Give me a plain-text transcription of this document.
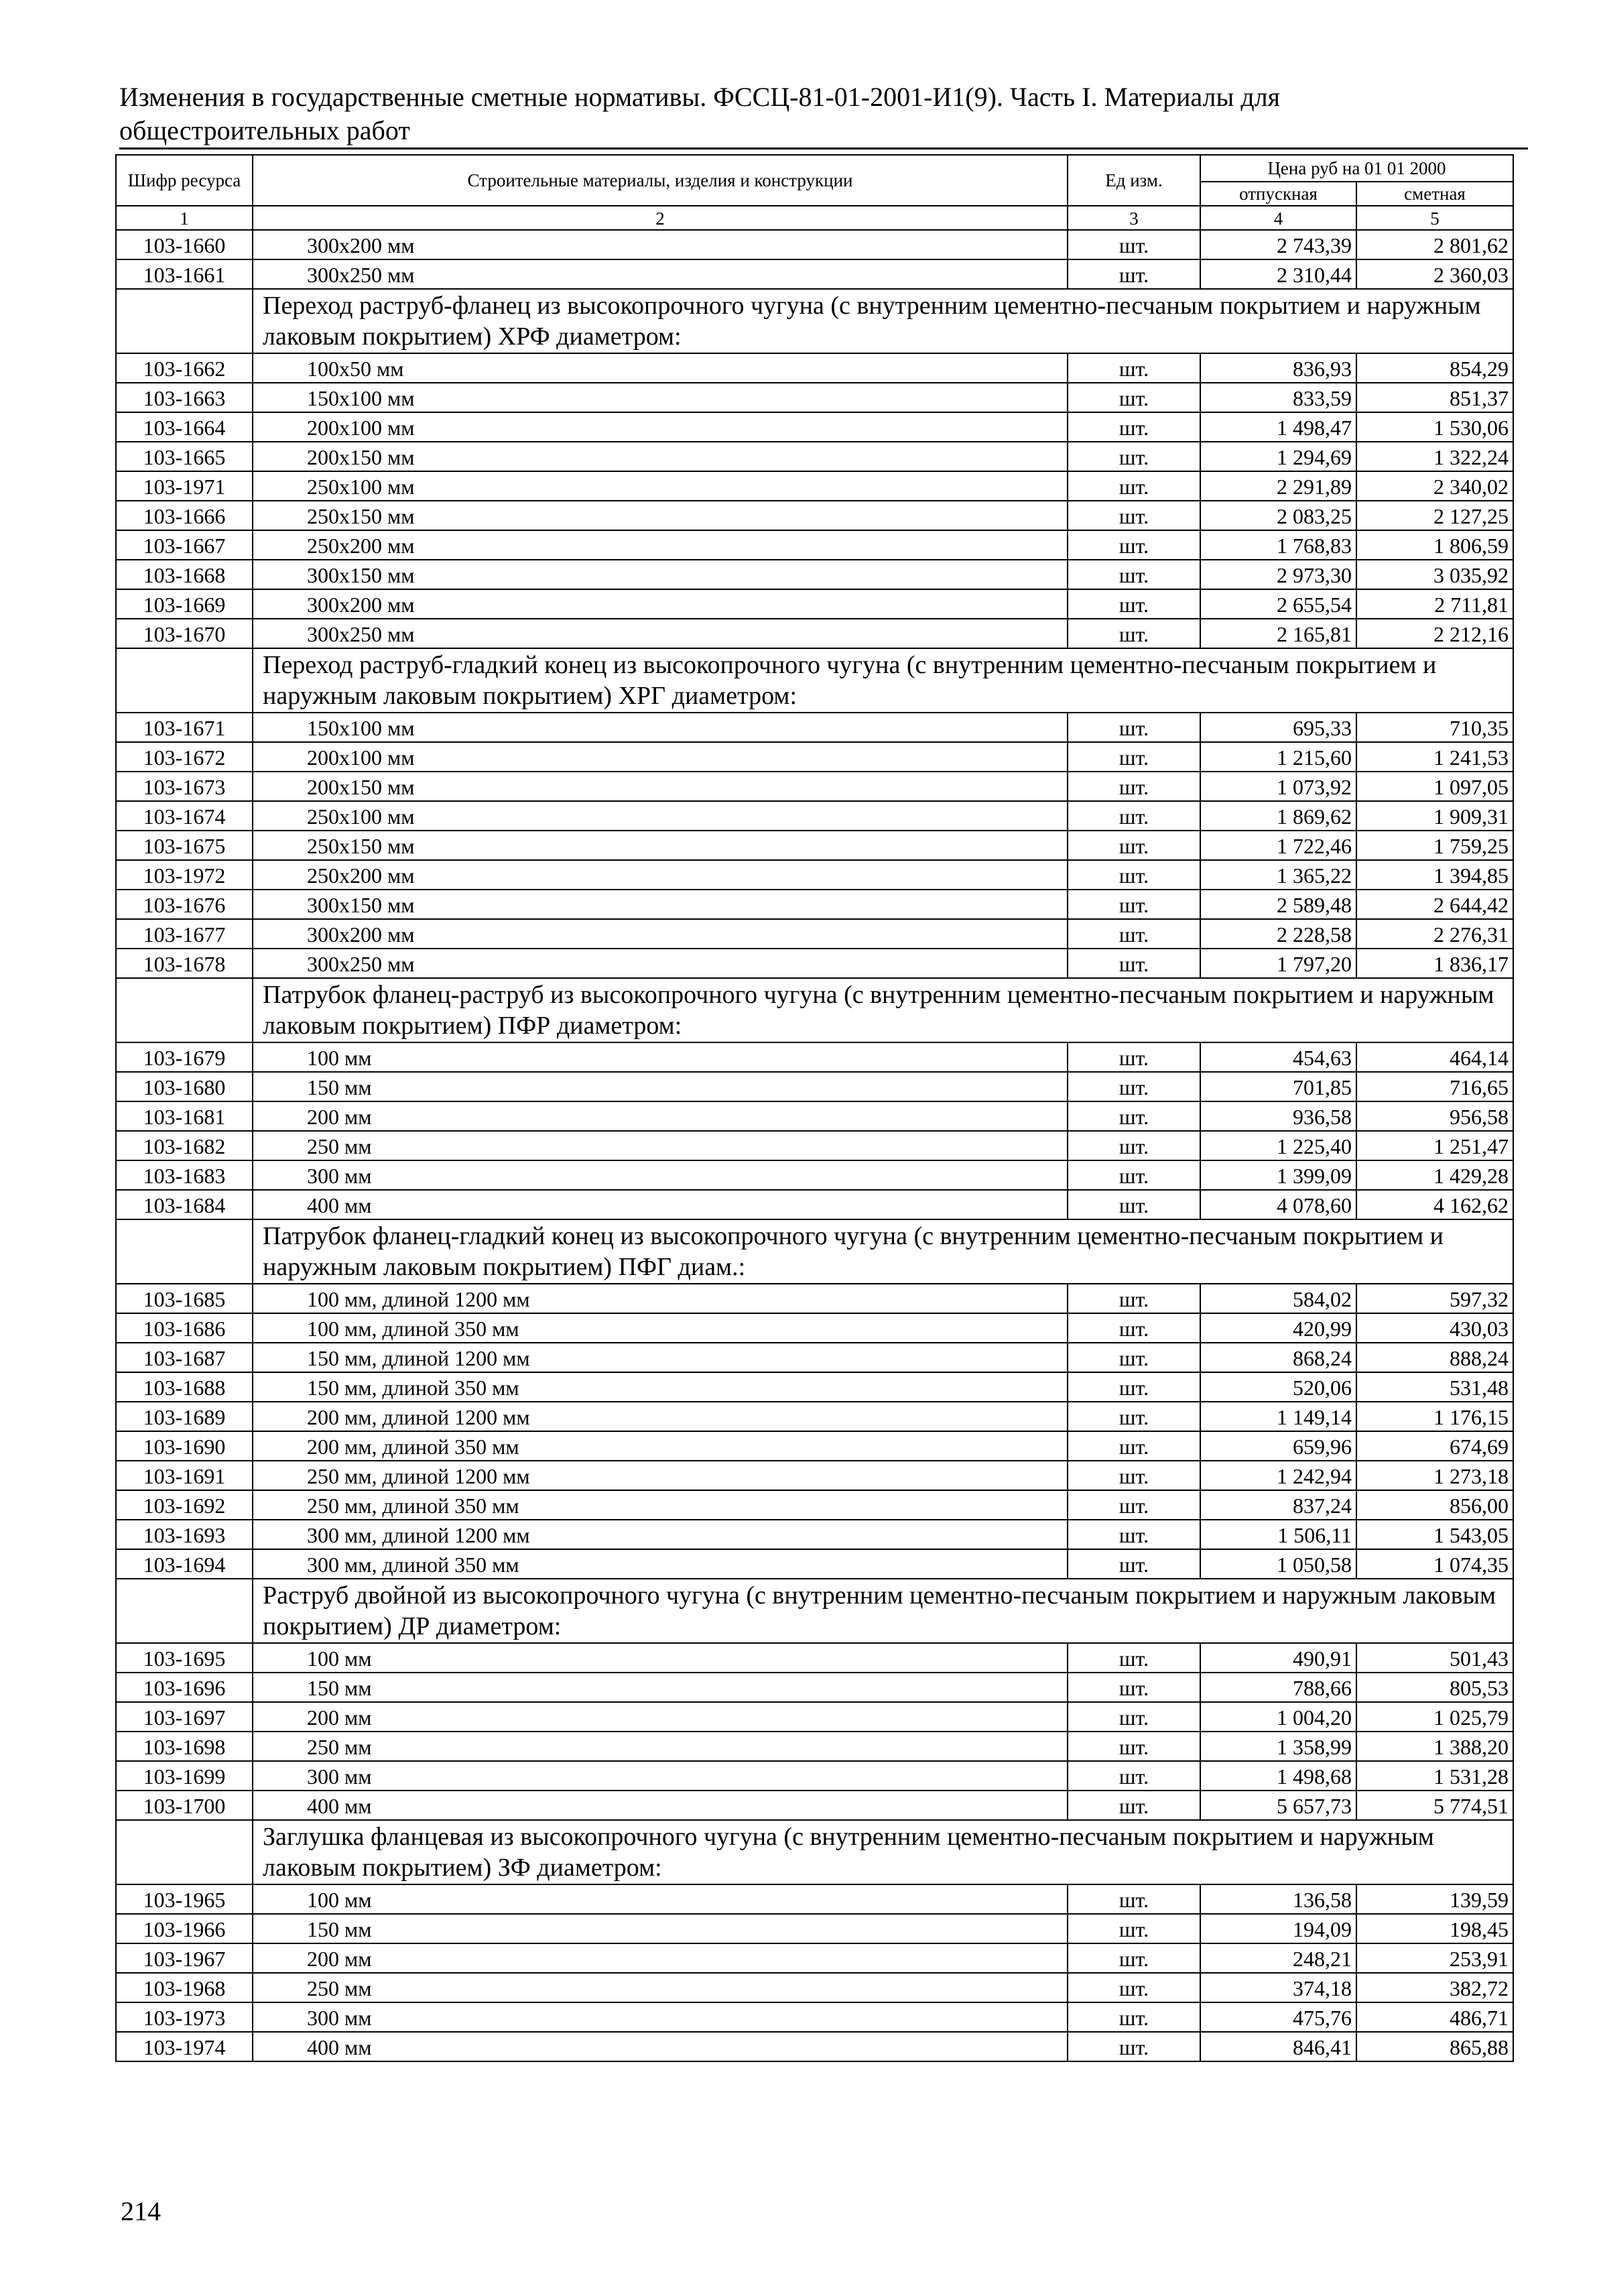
Изменения в государственные сметные нормативы. ФССЦ-81-01-2001-И1(9). Часть I. Материалы для
общестроительных работ
Шифр ресурса	Строительные материалы, изделия и конструкции	Ед изм.	Цена руб на 01 01 2000	
			отпускная	сметная
1	2	3	4	5
103-1660	300x200 мм	шт.	2 743,39	2 801,62
103-1661	300x250 мм	шт.	2 310,44	2 360,03
	Переход раструб-фланец из высокопрочного чугуна (с внутренним цементно-песчаным покрытием и наружным лаковым покрытием) ХРФ диаметром:			
103-1662	100x50 мм	шт.	836,93	854,29
103-1663	150x100 мм	шт.	833,59	851,37
103-1664	200x100 мм	шт.	1 498,47	1 530,06
103-1665	200x150 мм	шт.	1 294,69	1 322,24
103-1971	250x100 мм	шт.	2 291,89	2 340,02
103-1666	250x150 мм	шт.	2 083,25	2 127,25
103-1667	250x200 мм	шт.	1 768,83	1 806,59
103-1668	300x150 мм	шт.	2 973,30	3 035,92
103-1669	300x200 мм	шт.	2 655,54	2 711,81
103-1670	300x250 мм	шт.	2 165,81	2 212,16
	Переход раструб-гладкий конец из высокопрочного чугуна (с внутренним цементно-песчаным покрытием и наружным лаковым покрытием) ХРГ диаметром:			
103-1671	150x100 мм	шт.	695,33	710,35
103-1672	200x100 мм	шт.	1 215,60	1 241,53
103-1673	200x150 мм	шт.	1 073,92	1 097,05
103-1674	250x100 мм	шт.	1 869,62	1 909,31
103-1675	250x150 мм	шт.	1 722,46	1 759,25
103-1972	250x200 мм	шт.	1 365,22	1 394,85
103-1676	300x150 мм	шт.	2 589,48	2 644,42
103-1677	300x200 мм	шт.	2 228,58	2 276,31
103-1678	300x250 мм	шт.	1 797,20	1 836,17
	Патрубок фланец-раструб из высокопрочного чугуна (с внутренним цементно-песчаным покрытием и наружным лаковым покрытием) ПФР диаметром:			
103-1679	100 мм	шт.	454,63	464,14
103-1680	150 мм	шт.	701,85	716,65
103-1681	200 мм	шт.	936,58	956,58
103-1682	250 мм	шт.	1 225,40	1 251,47
103-1683	300 мм	шт.	1 399,09	1 429,28
103-1684	400 мм	шт.	4 078,60	4 162,62
	Патрубок фланец-гладкий конец из высокопрочного чугуна (с внутренним цементно-песчаным покрытием и наружным лаковым покрытием) ПФГ диам.:			
103-1685	100 мм, длиной 1200 мм	шт.	584,02	597,32
103-1686	100 мм, длиной 350 мм	шт.	420,99	430,03
103-1687	150 мм, длиной 1200 мм	шт.	868,24	888,24
103-1688	150 мм, длиной 350 мм	шт.	520,06	531,48
103-1689	200 мм, длиной 1200 мм	шт.	1 149,14	1 176,15
103-1690	200 мм, длиной 350 мм	шт.	659,96	674,69
103-1691	250 мм, длиной 1200 мм	шт.	1 242,94	1 273,18
103-1692	250 мм, длиной 350 мм	шт.	837,24	856,00
103-1693	300 мм, длиной 1200 мм	шт.	1 506,11	1 543,05
103-1694	300 мм, длиной 350 мм	шт.	1 050,58	1 074,35
	Раструб двойной из высокопрочного чугуна (с внутренним цементно-песчаным покрытием и наружным лаковым покрытием) ДР диаметром:			
103-1695	100 мм	шт.	490,91	501,43
103-1696	150 мм	шт.	788,66	805,53
103-1697	200 мм	шт.	1 004,20	1 025,79
103-1698	250 мм	шт.	1 358,99	1 388,20
103-1699	300 мм	шт.	1 498,68	1 531,28
103-1700	400 мм	шт.	5 657,73	5 774,51
	Заглушка фланцевая из высокопрочного чугуна (с внутренним цементно-песчаным покрытием и наружным лаковым покрытием) ЗФ диаметром:			
103-1965	100 мм	шт.	136,58	139,59
103-1966	150 мм	шт.	194,09	198,45
103-1967	200 мм	шт.	248,21	253,91
103-1968	250 мм	шт.	374,18	382,72
103-1973	300 мм	шт.	475,76	486,71
103-1974	400 мм	шт.	846,41	865,88
214
